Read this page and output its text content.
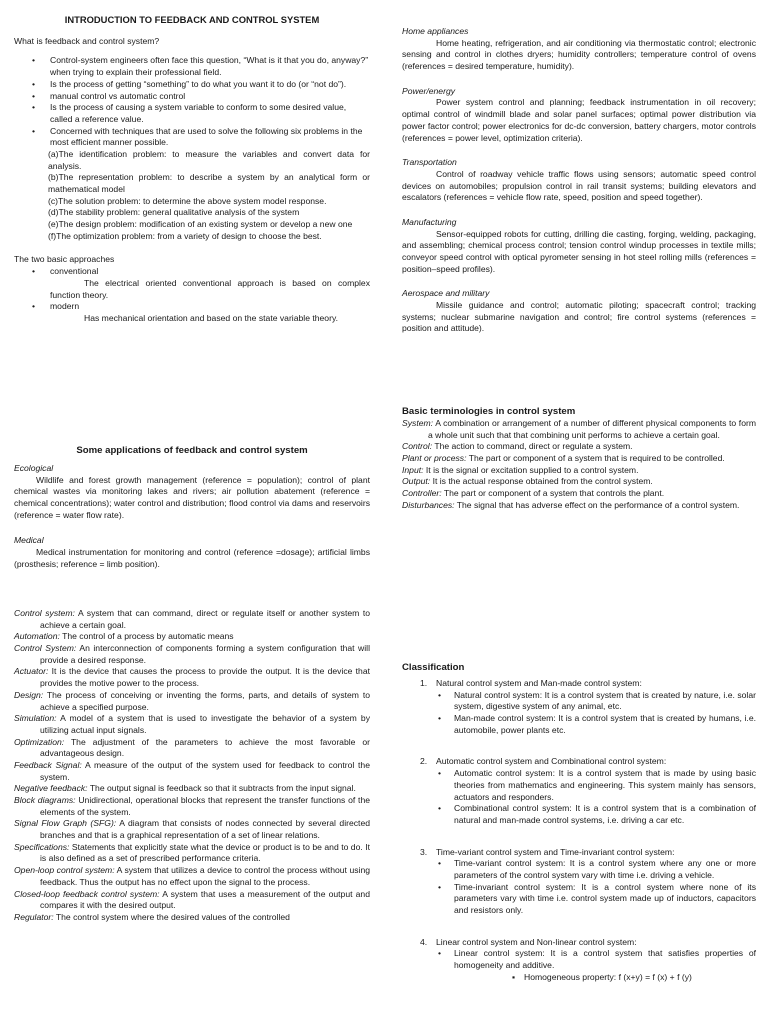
INTRODUCTION TO FEEDBACK AND CONTROL SYSTEM

What is feedback and control system?

• Control-system engineers often face this question, “What is it that you do, anyway?” when trying to explain their professional field.
• Is the process of getting “something” to do what you want it to do (or “not do”).
• manual control vs automatic control
• Is the process of causing a system variable to conform to some desired value, called a reference value.
• Concerned with techniques that are used to solve the following six problems in the most efficient manner possible.

(a)The identification problem: to measure the variables and convert data for analysis.

(b)The representation problem: to describe a system by an analytical form or mathematical model

(c)The solution problem: to determine the above system model response.

(d)The stability problem: general qualitative analysis of the system

(e)The design problem: modification of an existing system or develop a new one

(f)The optimization problem: from a variety of design to choose the best.

The two basic approaches

• conventional

The electrical oriented conventional approach is based on complex function theory.

• modern

Has mechanical orientation and based on the state variable theory.

Some applications of feedback and control system

Ecological

Wildlife and forest growth management (reference = population); control of plant chemical wastes via monitoring lakes and rivers; air pollution abatement (reference = chemical concentrations); water control and distribution; flood control via dams and reservoirs (reference = water flow rate).

Medical

Medical instrumentation for monitoring and control (reference =dosage); artificial limbs (prosthesis; reference = limb position).

Control system: A system that can command, direct or regulate itself or another system to achieve a certain goal.

Automation: The control of a process by automatic means

Control System: An interconnection of components forming a system configuration that will provide a desired response.

Actuator: It is the device that causes the process to provide the output. It is the device that provides the motive power to the process.

Design: The process of conceiving or inventing the forms, parts, and details of system to achieve a specified purpose.

Simulation: A model of a system that is used to investigate the behavior of a system by utilizing actual input signals.

Optimization: The adjustment of the parameters to achieve the most favorable or advantageous design.

Feedback Signal: A measure of the output of the system used for feedback to control the system.

Negative feedback: The output signal is feedback so that it subtracts from the input signal.

Block diagrams: Unidirectional, operational blocks that represent the transfer functions of the elements of the system.

Signal Flow Graph (SFG): A diagram that consists of nodes connected by several directed branches and that is a graphical representation of a set of linear relations.

Specifications: Statements that explicitly state what the device or product is to be and to do. It is also defined as a set of prescribed performance criteria.

Open-loop control system: A system that utilizes a device to control the process without using feedback. Thus the output has no effect upon the signal to the process.

Closed-loop feedback control system: A system that uses a measurement of the output and compares it with the desired output.

Regulator: The control system where the desired values of the controlled

Home appliances

Home heating, refrigeration, and air conditioning via thermostatic control; electronic sensing and control in clothes dryers; humidity controllers; temperature control of ovens (references = desired temperature, humidity).

Power/energy

Power system control and planning; feedback instrumentation in oil recovery; optimal control of windmill blade and solar panel surfaces; optimal power distribution via power factor control; power electronics for dc-dc conversion, battery chargers, motor controls (references = power level, optimization criteria).

Transportation

Control of roadway vehicle traffic flows using sensors; automatic speed control devices on automobiles; propulsion control in rail transit systems; building elevators and escalators (references = vehicle flow rate, speed, position and speed together).

Manufacturing

Sensor-equipped robots for cutting, drilling die casting, forging, welding, packaging, and assembling; chemical process control; tension control windup processes in textile mills; conveyor speed control with optical pyrometer sensing in hot steel rolling mills (references = position–speed profiles).

Aerospace and military

Missile guidance and control; automatic piloting; spacecraft control; tracking systems; nuclear submarine navigation and control; fire control systems (references = position and attitude).

Basic terminologies in control system

System: A combination or arrangement of a number of different physical components to form a whole unit such that that combining unit performs to achieve a certain goal.

Control: The action to command, direct or regulate a system.

Plant or process: The part or component of a system that is required to be controlled.

Input: It is the signal or excitation supplied to a control system.

Output: It is the actual response obtained from the control system.

Controller: The part or component of a system that controls the plant.

Disturbances: The signal that has adverse effect on the performance of a control system.

Classification

1. Natural control system and Man-made control system:

• Natural control system: It is a control system that is created by nature, i.e. solar system, digestive system of any animal, etc.
• Man-made control system: It is a control system that is created by humans, i.e. automobile, power plants etc.
2. Automatic control system and Combinational control system:

• Automatic control system: It is a control system that is made by using basic theories from mathematics and engineering. This system mainly has sensors, actuators and responders.
• Combinational control system: It is a control system that is a combination of natural and man-made control systems, i.e. driving a car etc.
3. Time-variant control system and Time-invariant control system:

• Time-variant control system: It is a control system where any one or more parameters of the control system vary with time i.e. driving a vehicle.
• Time-invariant control system: It is a control system where none of its parameters vary with time i.e. control system made up of inductors, capacitors and resistors only.
4. Linear control system and Non-linear control system:

• Linear control system: It is a control system that satisfies properties of homogeneity and additive.

▪ Homogeneous property: f (x+y) = f (x) + f (y)
